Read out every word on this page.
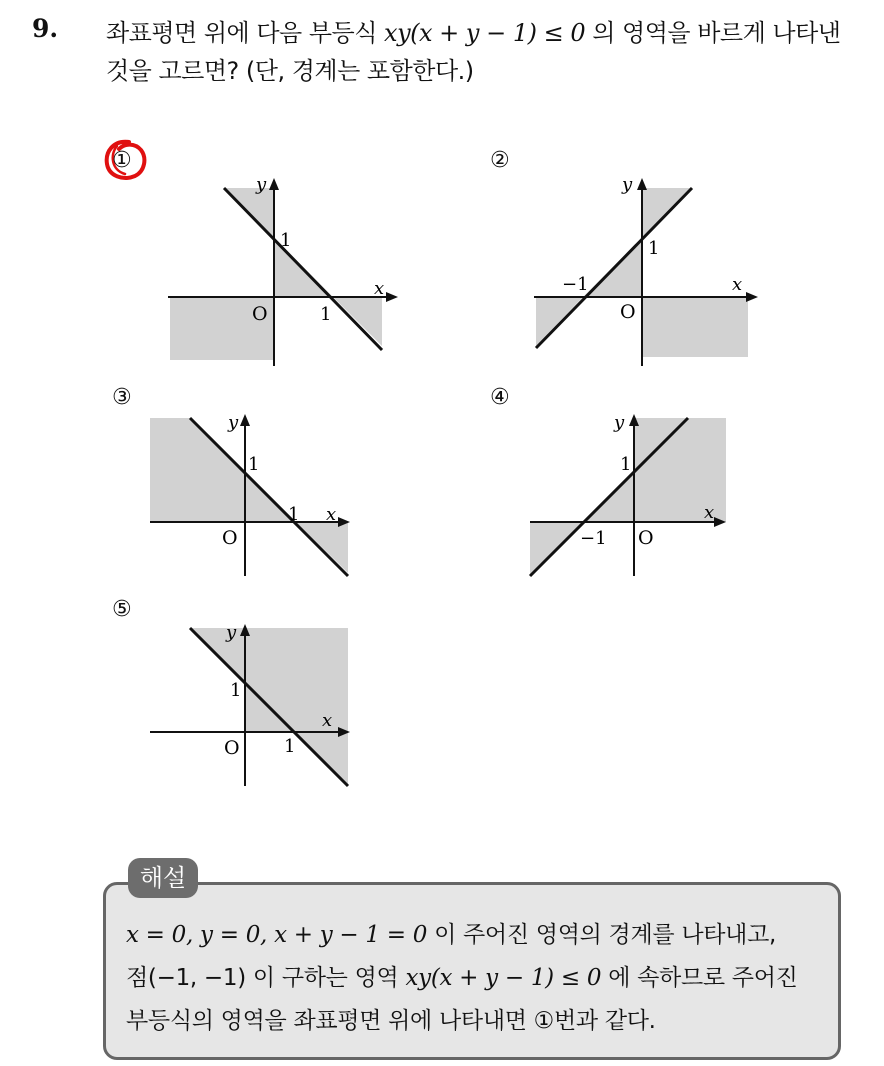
9. 좌표평면 위에 다음 부등식 xy(x + y − 1) ≤ 0 의 영역을 바르게 나타낸
것을 고르면? (단, 경계는 포함한다.)
①	②
③	④
⑤
y
x
O
1
1
y
x
O
1
−1
y
x
O
1
1
y
x
O
1
−1
y
x
O
1
1
해설
x = 0, y = 0, x + y − 1 = 0 이 주어진 영역의 경계를 나타내고,
점(−1, −1) 이 구하는 영역 xy(x + y − 1) ≤ 0 에 속하므로 주어진
부등식의 영역을 좌표평면 위에 나타내면 ①번과 같다.
